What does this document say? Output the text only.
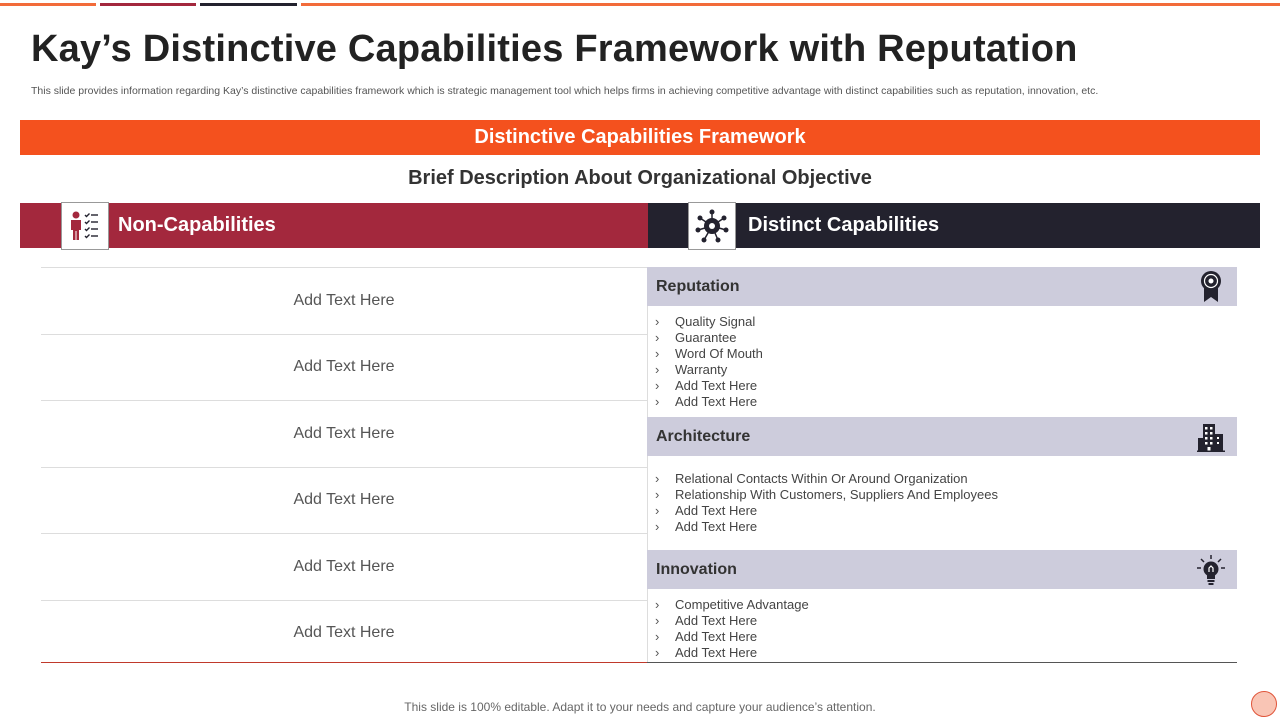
Kay’s Distinctive Capabilities Framework with Reputation

This slide provides information regarding Kay’s distinctive capabilities framework which is strategic management tool which helps firms in achieving competitive advantage with distinct capabilities such as reputation, innovation, etc.

Distinctive Capabilities Framework
Brief Description About Organizational Objective
Non-Capabilities	Distinct Capabilities
Add Text Here
Add Text Here
Add Text Here
Add Text Here
Add Text Here
Add Text Here
Reputation
› Quality Signal
› Guarantee
› Word Of Mouth
› Warranty
› Add Text Here
› Add Text Here
Architecture
› Relational Contacts Within Or Around Organization
› Relationship With Customers, Suppliers And Employees
› Add Text Here
› Add Text Here
Innovation
› Competitive Advantage
› Add Text Here
› Add Text Here
› Add Text Here
This slide is 100% editable. Adapt it to your needs and capture your audience’s attention.
